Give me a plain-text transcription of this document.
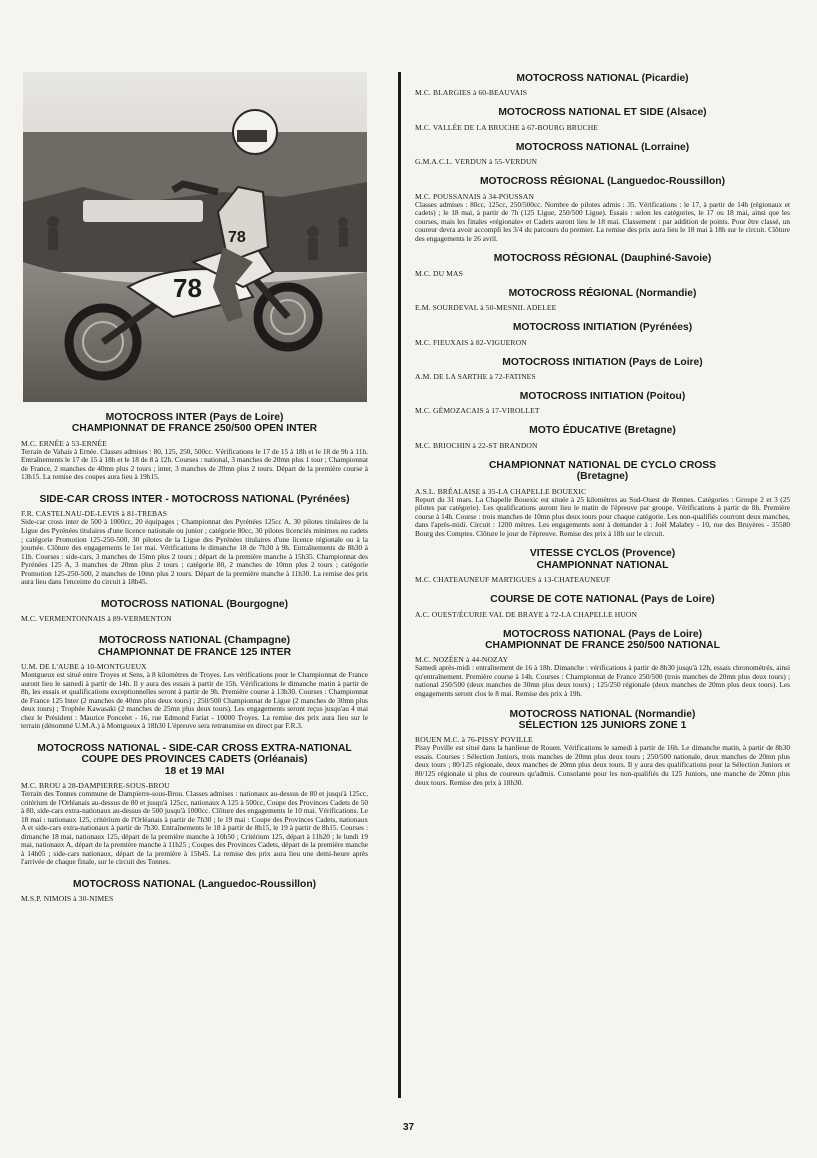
78
78
MOTOCROSS INTER (Pays de Loire)
CHAMPIONNAT DE FRANCE 250/500 OPEN INTER

M.C. ERNÉE à 53-ERNÉE

Terrain de Vahais à Ernée. Classes admises : 80, 125, 250, 500cc. Vérifications le 17 de 15 à 18h et le 18 de 9h à 11h. Entraînements le 17 de 15 à 18h et le 18 de 8 à 12h. Courses : national, 3 manches de 20mn plus 1 tour ; Championnat de France, 2 manches de 40mn plus 2 tours ; inter, 3 manches de 20mn plus 2 tours. Départ de la première course à 13h15. La remise des coupes aura lieu à 19h15.

SIDE-CAR CROSS INTER - MOTOCROSS NATIONAL (Pyrénées)

F.R. CASTELNAU-DE-LEVIS à 81-TREBAS

Side-car cross inter de 500 à 1000cc, 20 équipages ; Championnat des Pyrénées 125cc A, 30 pilotes titulaires de la Ligue des Pyrénées titulaires d'une licence nationale ou junior ; catégorie 80cc, 30 pilotes licenciés minimes ou cadets ; catégorie Promotion 125-250-500, 30 pilotes de la Ligue des Pyrénées titulaires d'une licence régionale ou à la journée. Clôture des engagements le 1er mai. Vérifications le dimanche 18 de 7h30 à 9h. Entraînements de 8h30 à 11h. Courses : side-cars, 3 manches de 15mn plus 2 tours ; départ de la première manche à 15h35. Championnat des Pyrénées 125 A, 3 manches de 20mn plus 2 tours ; catégorie 80, 2 manches de 10mn plus 2 tours ; catégorie Promotion 125-250-500, 2 manches de 10mn plus 2 tours. Départ de la première manche à 11h30. La remise des prix aura lieu dans l'enceinte du circuit à 18h45.

MOTOCROSS NATIONAL (Bourgogne)

M.C. VERMENTONNAIS à 89-VERMENTON

MOTOCROSS NATIONAL (Champagne)
CHAMPIONNAT DE FRANCE 125 INTER

U.M. DE L'AUBE à 10-MONTGUEUX

Montgueux est situé entre Troyes et Sens, à 8 kilomètres de Troyes. Les vérifications pour le Championnat de France auront lieu le samedi à partir de 14h. Il y aura des essais à partir de 15h. Vérifications le dimanche matin à partir de 8h, les essais et qualifications exceptionnelles seront à partir de 9h. Première course à 13h30. Courses : Championnat de France 125 Inter (2 manches de 40mn plus deux tours) ; 250/500 Championnat de Ligue (2 manches de 30mn plus deux tours) ; Trophée Kawasaki (2 manches de 25mn plus deux tours). Les engagements seront reçus jusqu'au 4 mai chez le Président : Maurice Poncelet - 16, rue Edmond Fariat - 10000 Troyes. La remise des prix aura lieu sur le terrain (dénommé U.M.A.) à Montgueux à 18h30 L'épreuve sera retransmise en direct par F.R.3.

MOTOCROSS NATIONAL - SIDE-CAR CROSS EXTRA-NATIONAL
COUPE DES PROVINCES CADETS (Orléanais)
18 et 19 MAI

M.C. BROU à 28-DAMPIERRE-SOUS-BROU

Terrain des Tonnes commune de Dampierre-sous-Brou. Classes admises : nationaux au-dessus de 80 et jusqu'à 125cc, critérium de l'Orléanais au-dessus de 80 et jusqu'à 125cc, nationaux A 125 à 500cc, Coupe des Provinces Cadets de 50 à 80, side-cars extra-nationaux au-dessus de 500 jusqu'à 1000cc. Clôture des engagements le 10 mai. Vérifications. Le 18 mai : nationaux 125, critérium de l'Orléanais à partir de 7h30 ; le 19 mai : Coupe des Provinces Cadets, nationaux A et side-cars extra-nationaux à partir de 7h30. Entraînements le 18 à partir de 8h15, le 19 à partir de 8h15. Courses : dimanche 18 mai, nationaux 125, départ de la première manche à 10h50 ; Critérium 125, départ à 11h20 ; le lundi 19 mai, nationaux A, départ de la première manche à 11h25 ; Coupes des Provinces Cadets, départ de la première manche à 14h05 ; side-cars nationaux, départ de la première à 15h45. La remise des prix aura lieu une demi-heure après l'arrivée de chaque finale, sur le circuit des Tonnes.

MOTOCROSS NATIONAL (Languedoc-Roussillon)

M.S.P. NIMOIS à 30-NIMES

MOTOCROSS NATIONAL (Picardie)

M.C. BLARGIES à 60-BEAUVAIS

MOTOCROSS NATIONAL ET SIDE (Alsace)

M.C. VALLÉE DE LA BRUCHE à 67-BOURG BRUCHE

MOTOCROSS NATIONAL (Lorraine)

G.M.A.C.L. VERDUN à 55-VERDUN

MOTOCROSS RÉGIONAL (Languedoc-Roussillon)

M.C. POUSSANAIS à 34-POUSSAN

Classes admises : 80cc, 125cc, 250/500cc. Nombre de pilotes admis : 35. Vérifications : le 17, à partir de 14h (régionaux et cadets) ; le 18 mai, à partir de 7h (125 Ligue, 250/500 Ligue). Essais : selon les catégories, le 17 ou 18 mai, ainsi que les courses, mais les finales «régionale» et Cadets auront lieu le 18 mai. Classement : par addition de points. Pour être classé, un coureur devra avoir accompli les 3/4 du parcours du premier. La remise des prix aura lieu le 18 mai à 18h sur le circuit. Clôture des engagements le 26 avril.

MOTOCROSS RÉGIONAL (Dauphiné-Savoie)

M.C. DU MAS

MOTOCROSS RÉGIONAL (Normandie)

E.M. SOURDEVAL à 50-MESNIL ADELEE

MOTOCROSS INITIATION (Pyrénées)

M.C. FIEUXAIS à 82-VIGUERON

MOTOCROSS INITIATION (Pays de Loire)

A.M. DE LA SARTHE à 72-FATINES

MOTOCROSS INITIATION (Poitou)

M.C. GÉMOZACAIS à 17-VIROLLET

MOTO ÉDUCATIVE (Bretagne)

M.C. BRIOCHIN à 22-ST BRANDON

CHAMPIONNAT NATIONAL DE CYCLO CROSS
(Bretagne)

A.S.L. BRÉALAISE à 35-LA CHAPELLE BOUEXIC

Report du 31 mars. La Chapelle Bouexic est située à 25 kilomètres au Sud-Ouest de Rennes. Catégories : Groupe 2 et 3 (25 pilotes par catégorie). Les qualifications auront lieu le matin de l'épreuve par groupe. Vérifications à partir de 8h. Première course à 14h. Course : trois manches de 10mn plus deux tours pour chaque catégorie. Les non-qualifiés courront deux manches, dans l'après-midi. Circuit : 1200 mètres. Les engagements sont à demander à : Joël Malabry - 10, rue des Bruyères - 35580 Bourg des Comptes. Clôture le jour de l'épreuve. Remise des prix à 18h sur le circuit.

VITESSE CYCLOS (Provence)
CHAMPIONNAT NATIONAL

M.C. CHATEAUNEUF MARTIGUES à 13-CHATEAUNEUF

COURSE DE COTE NATIONAL (Pays de Loire)

A.C. OUEST/ÉCURIE VAL DE BRAYE à 72-LA CHAPELLE HUON

MOTOCROSS NATIONAL (Pays de Loire)
CHAMPIONNAT DE FRANCE 250/500 NATIONAL

M.C. NOZÉEN à 44-NOZAY

Samedi après-midi : entraînement de 16 à 18h. Dimanche : vérifications à partir de 8h30 jusqu'à 12h, essais chronométrés, ainsi qu'entraînement. Première course à 14h. Courses : Championnat de France 250/500 (trois manches de 20mn plus deux tours) ; national 250/500 (deux manches de 30mn plus deux tours) ; 125/250 régionale (deux manches de 20mn plus deux tours). Les engagements seront clos le 8 mai. Remise des prix à 19h.

MOTOCROSS NATIONAL (Normandie)
SÉLECTION 125 JUNIORS ZONE 1

ROUEN M.C. à 76-PISSY POVILLE

Pissy Poville est situé dans la banlieue de Rouen. Vérifications le samedi à partir de 16h. Le dimanche matin, à partir de 8h30 essais. Courses : Sélection Juniors, trois manches de 20mn plus deux tours ; 250/500 nationale, deux manches de 20mn plus deux tours ; 80/125 régionale, deux manches de 20mn plus deux tours. Il y aura des qualifications pour la Sélection Juniors et 80/125 régionale si plus de coureurs qu'admis. Consolante pour les non-qualifiés du 125 Juniors, une manche de 20mn plus deux tours. Remise des prix à 18h30.

37
